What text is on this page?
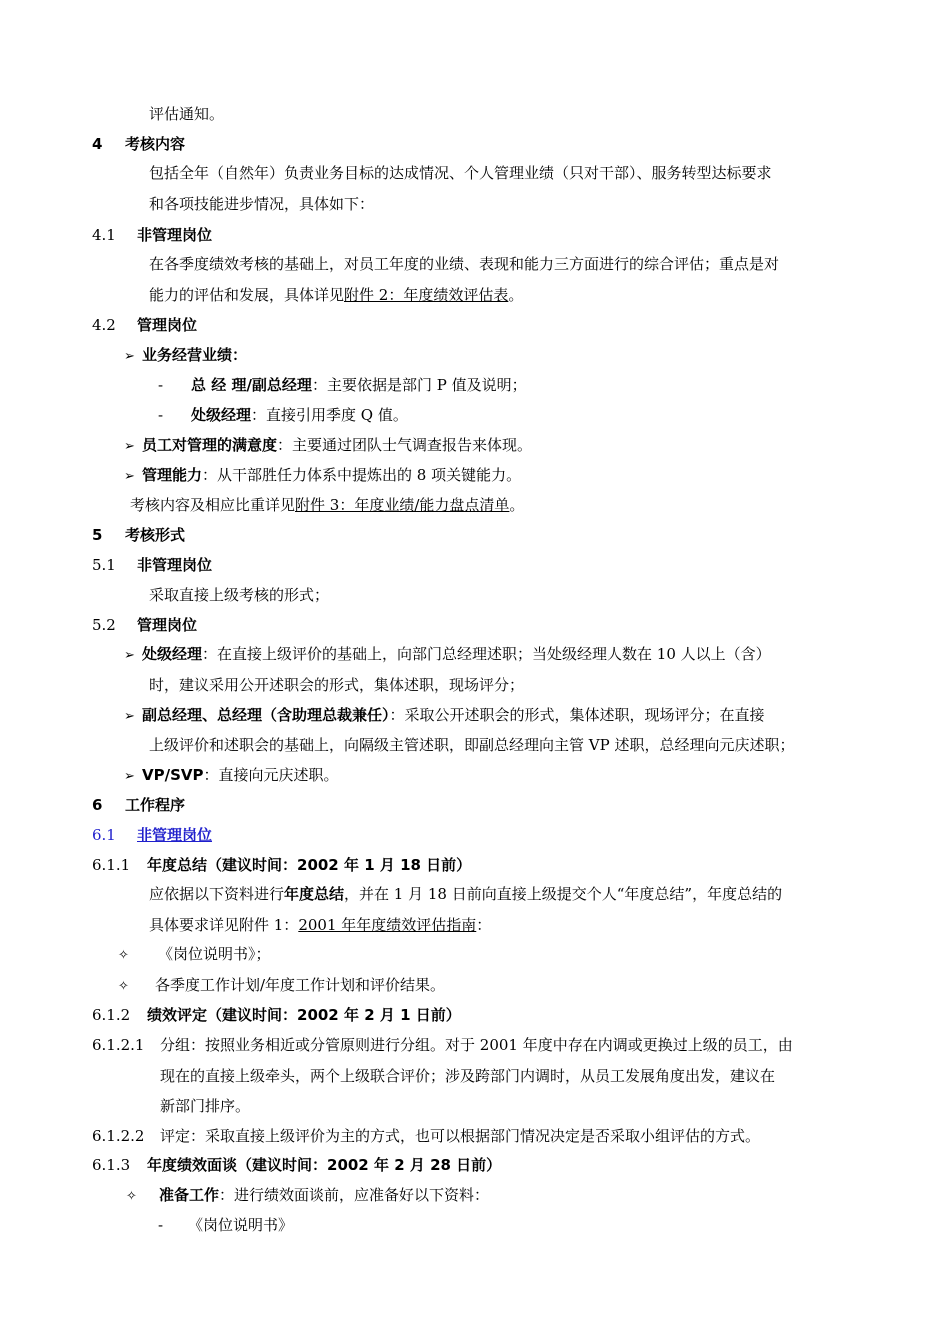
评估通知。
4 考核内容
包括全年（自然年）负责业务目标的达成情况、个人管理业绩（只对干部）、服务转型达标要求
和各项技能进步情况，具体如下：
4.1 非管理岗位
在各季度绩效考核的基础上，对员工年度的业绩、表现和能力三方面进行的综合评估；重点是对
能力的评估和发展，具体详见附件 2：年度绩效评估表。
4.2 管理岗位
➢ 业务经营业绩：
- 总 经 理/副总经理：主要依据是部门 P 值及说明；
- 处级经理：直接引用季度 Q 值。
➢ 员工对管理的满意度：主要通过团队士气调查报告来体现。
➢ 管理能力：从干部胜任力体系中提炼出的 8 项关键能力。
考核内容及相应比重详见附件 3：年度业绩/能力盘点清单。
5 考核形式
5.1 非管理岗位
采取直接上级考核的形式；
5.2 管理岗位
➢ 处级经理：在直接上级评价的基础上，向部门总经理述职；当处级经理人数在 10 人以上（含）
时，建议采用公开述职会的形式，集体述职，现场评分；
➢ 副总经理、总经理（含助理总裁兼任）：采取公开述职会的形式，集体述职，现场评分；在直接
上级评价和述职会的基础上，向隔级主管述职，即副总经理向主管 VP 述职，总经理向元庆述职；
➢ VP/SVP：直接向元庆述职。
6 工作程序
6.1 非管理岗位
6.1.1 年度总结（建议时间：2002 年 1 月 18 日前）
应依据以下资料进行年度总结，并在 1 月 18 日前向直接上级提交个人“年度总结”，年度总结的
具体要求详见附件 1：2001 年年度绩效评估指南：
✧ 《岗位说明书》；
✧ 各季度工作计划/年度工作计划和评价结果。
6.1.2 绩效评定（建议时间：2002 年 2 月 1 日前）
6.1.2.1 分组：按照业务相近或分管原则进行分组。对于 2001 年度中存在内调或更换过上级的员工，由
现在的直接上级牵头，两个上级联合评价；涉及跨部门内调时，从员工发展角度出发，建议在
新部门排序。
6.1.2.2 评定：采取直接上级评价为主的方式，也可以根据部门情况决定是否采取小组评估的方式。
6.1.3 年度绩效面谈（建议时间：2002 年 2 月 28 日前）
✧ 准备工作：进行绩效面谈前，应准备好以下资料：
- 《岗位说明书》
